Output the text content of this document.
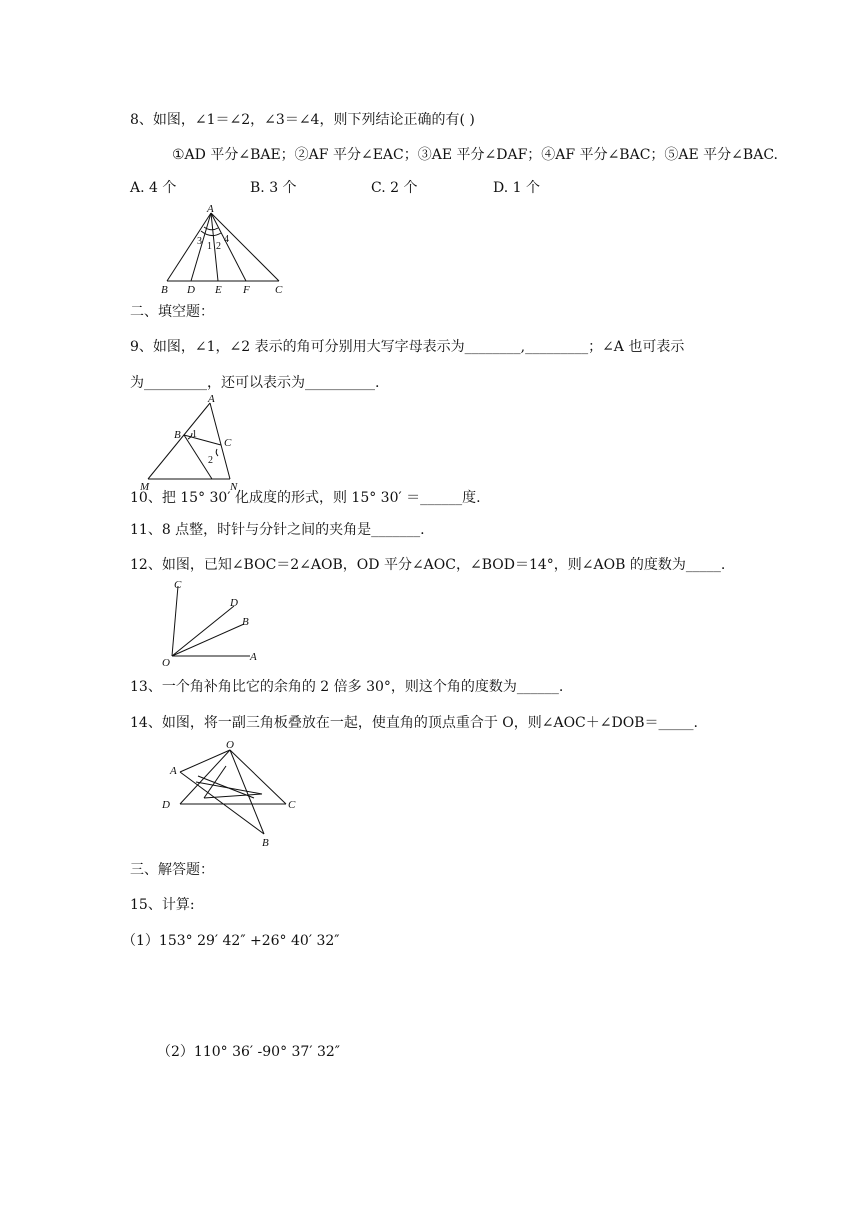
8、如图，∠1＝∠2，∠3＝∠4，则下列结论正确的有( )
①AD 平分∠BAE；②AF 平分∠EAC；③AE 平分∠DAF；④AF 平分∠BAC；⑤AE 平分∠BAC.
A. 4 个	B. 3 个	C. 2 个	D. 1 个
A
3 1 2
4
B D E F C
二、填空题：
9、如图，∠1，∠2 表示的角可分别用大写字母表示为________,_________；∠A 也可表示
为_________，还可以表示为__________.
A
B
C
1
2
M	N
10、把 15° 30′ 化成度的形式，则 15° 30′ ＝______度.
11、8 点整，时针与分针之间的夹角是_______.
12、如图，已知∠BOC＝2∠AOB，OD 平分∠AOC，∠BOD＝14°，则∠AOB 的度数为_____.
C
D
B
O	A
13、一个角补角比它的余角的 2 倍多 30°，则这个角的度数为______.
14、如图，将一副三角板叠放在一起，使直角的顶点重合于 O，则∠AOC＋∠DOB＝_____.
O
A
D	C
B
三、解答题：
15、计算:
（1）153° 29′ 42″ +26° 40′ 32″
（2）110° 36′ -90° 37′ 32″
